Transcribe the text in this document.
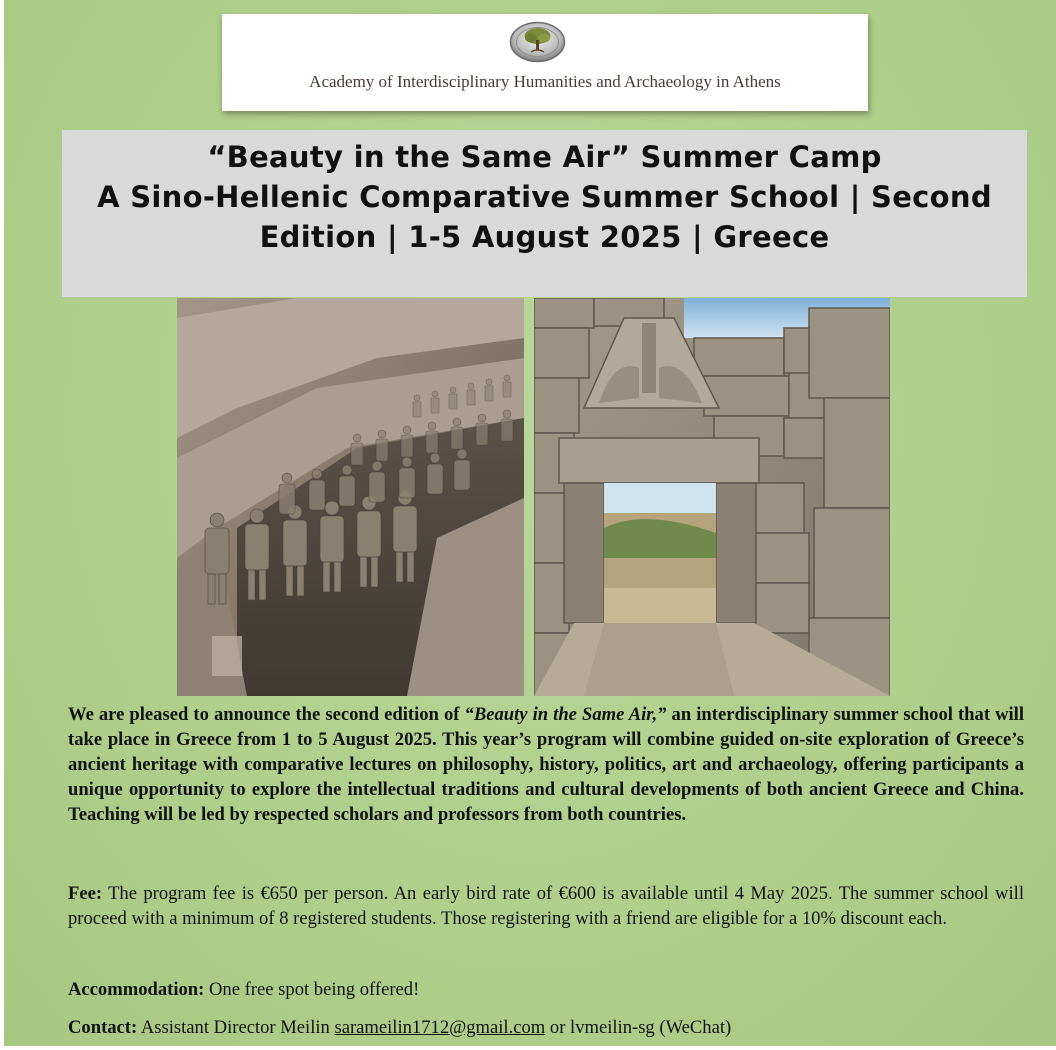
Academy of Interdisciplinary Humanities and Archaeology in Athens
“Beauty in the Same Air” Summer Camp
A Sino-Hellenic Comparative Summer School | Second
Edition | 1-5 August 2025 | Greece

We are pleased to announce the second edition of “Beauty in the Same Air,” an interdisciplinary summer school that will take place in Greece from 1 to 5 August 2025. This year’s program will combine guided on-site exploration of Greece’s ancient heritage with comparative lectures on philosophy, history, politics, art and archaeology, offering participants a unique opportunity to explore the intellectual traditions and cultural developments of both ancient Greece and China. Teaching will be led by respected scholars and professors from both countries.

Fee: The program fee is €650 per person. An early bird rate of €600 is available until 4 May 2025. The summer school will proceed with a minimum of 8 registered students. Those registering with a friend are eligible for a 10% discount each.

Accommodation: One free spot being offered!

Contact: Assistant Director Meilin sarameilin1712@gmail.com or lvmeilin-sg (WeChat)
